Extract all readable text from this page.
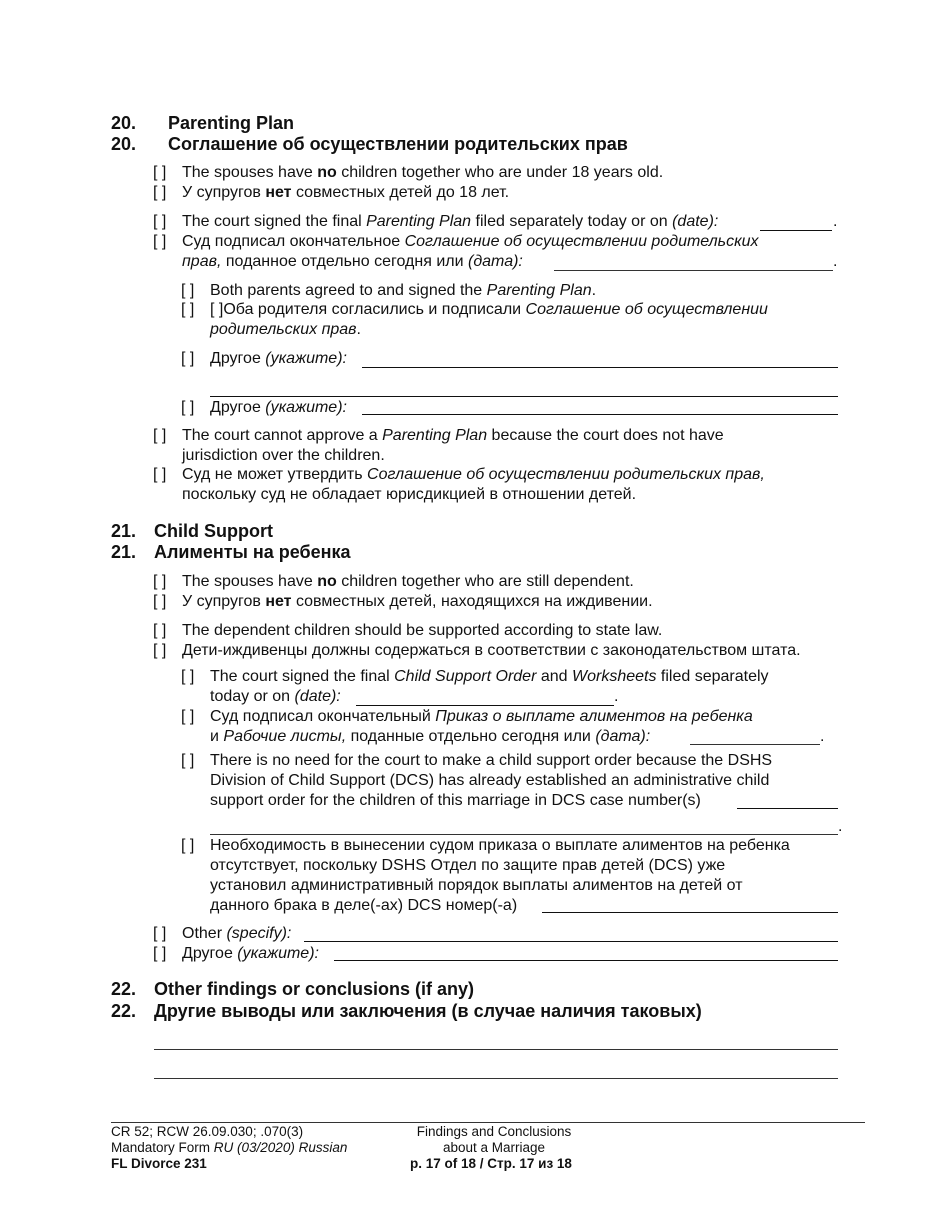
20. Parenting Plan
20. Соглашение об осуществлении родительских прав
[ ] The spouses have no children together who are under 18 years old.
[ ] У супругов нет совместных детей до 18 лет.
[ ] The court signed the final Parenting Plan filed separately today or on (date):	.
[ ] Суд подписал окончательное Соглашение об осуществлении родительских
прав, поданное отдельно сегодня или (дата):	.
[ ] Both parents agreed to and signed the Parenting Plan.
[ ] [ ]Оба родителя согласились и подписали Соглашение об осуществлении
родительских прав.
[ ] Другое (укажите):
[ ] Другое (укажите):
[ ] The court cannot approve a Parenting Plan because the court does not have
jurisdiction over the children.
[ ] Суд не может утвердить Соглашение об осуществлении родительских прав,
поскольку суд не обладает юрисдикцией в отношении детей.
21. Child Support
21. Алименты на ребенка
[ ] The spouses have no children together who are still dependent.
[ ] У супругов нет совместных детей, находящихся на иждивении.
[ ] The dependent children should be supported according to state law.
[ ] Дети-иждивенцы должны содержаться в соответствии с законодательством штата.
[ ] The court signed the final Child Support Order and Worksheets filed separately
today or on (date):	.
[ ] Суд подписал окончательный Приказ о выплате алиментов на ребенка
и Рабочие листы, поданные отдельно сегодня или (дата):	.
[ ] There is no need for the court to make a child support order because the DSHS
Division of Child Support (DCS) has already established an administrative child
support order for the children of this marriage in DCS case number(s)
.
[ ] Необходимость в вынесении судом приказа о выплате алиментов на ребенка
отсутствует, поскольку DSHS Отдел по защите прав детей (DCS) уже
установил административный порядок выплаты алиментов на детей от
данного брака в деле(-ах) DCS номер(-а)
[ ] Other (specify):
[ ] Другое (укажите):
22. Other findings or conclusions (if any)
22. Другие выводы или заключения (в случае наличия таковых)
CR 52; RCW 26.09.030; .070(3)
Mandatory Form RU (03/2020) Russian
FL Divorce 231
Findings and Conclusions
about a Marriage
p. 17 of 18 / Стр. 17 из 18
